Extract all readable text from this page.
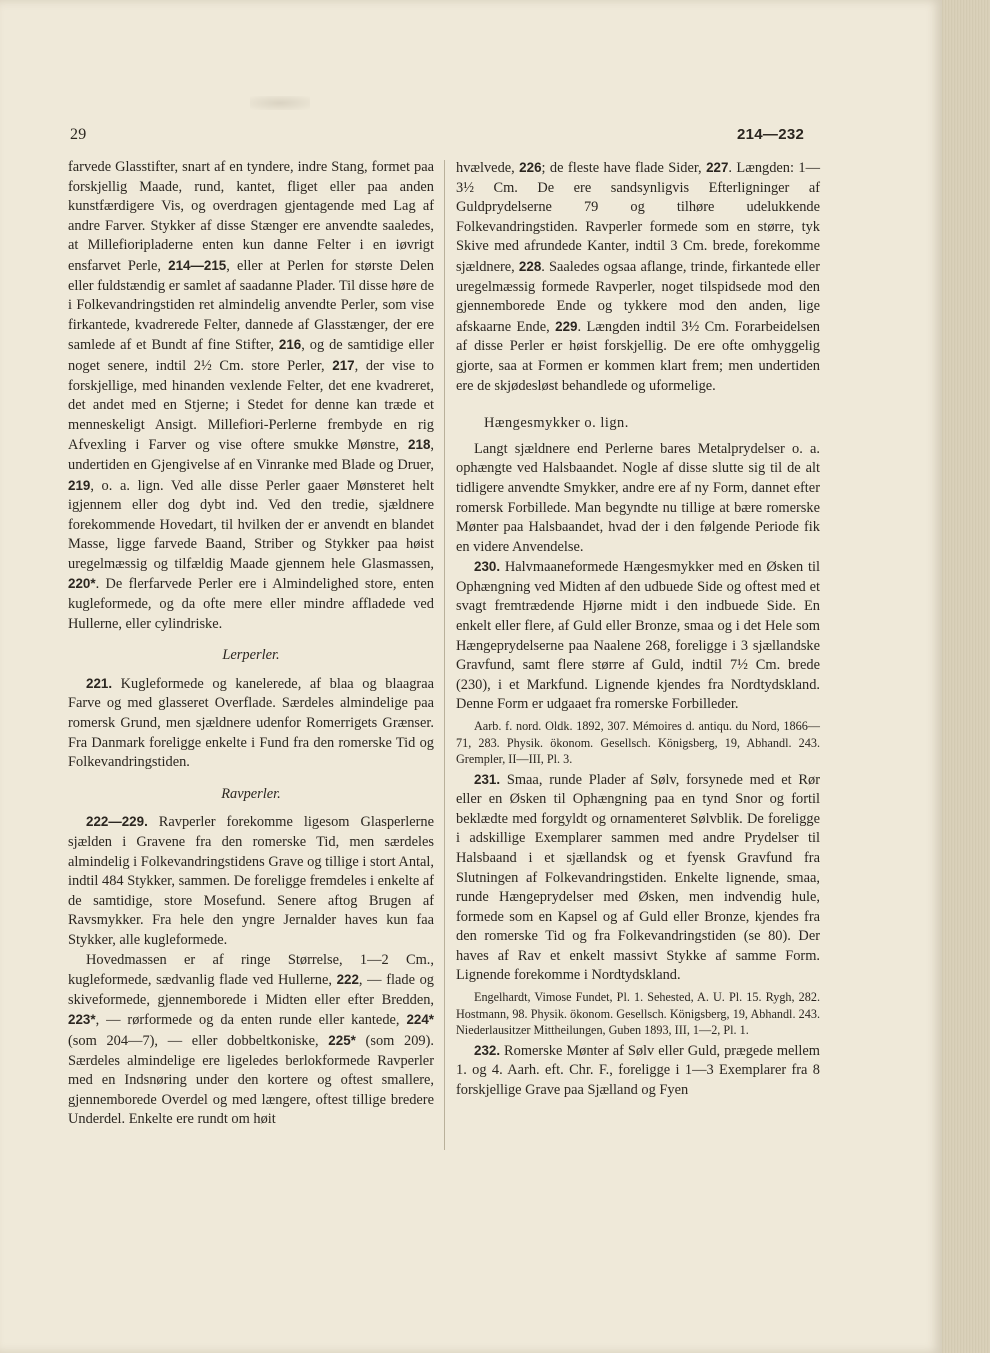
29	214—232

farvede Glasstifter, snart af en tyndere, indre Stang, formet paa forskjellig Maade, rund, kantet, fliget eller paa anden kunstfærdigere Vis, og overdragen gjentagende med Lag af andre Farver. Stykker af disse Stænger ere anvendte saaledes, at Millefioripladerne enten kun danne Felter i en iøvrigt ensfarvet Perle, 214—215, eller at Perlen for største Delen eller fuldstændig er samlet af saadanne Plader. Til disse høre de i Folkevandringstiden ret almindelig anvendte Perler, som vise firkantede, kvadrerede Felter, dannede af Glasstænger, der ere samlede af et Bundt af fine Stifter, 216, og de samtidige eller noget senere, indtil 2½ Cm. store Perler, 217, der vise to forskjellige, med hinanden vexlende Felter, det ene kvadreret, det andet med en Stjerne; i Stedet for denne kan træde et menneskeligt Ansigt. Millefiori-Perlerne frembyde en rig Afvexling i Farver og vise oftere smukke Mønstre, 218, undertiden en Gjengivelse af en Vinranke med Blade og Druer, 219, o. a. lign. Ved alle disse Perler gaaer Mønsteret helt igjennem eller dog dybt ind. Ved den tredie, sjældnere forekommende Hovedart, til hvilken der er anvendt en blandet Masse, ligge farvede Baand, Striber og Stykker paa høist uregelmæssig og tilfældig Maade gjennem hele Glasmassen, 220*. De flerfarvede Perler ere i Almindelighed store, enten kugleformede, og da ofte mere eller mindre affladede ved Hullerne, eller cylindriske.

Lerperler.

221. Kugleformede og kanelerede, af blaa og blaagraa Farve og med glasseret Overflade. Særdeles almindelige paa romersk Grund, men sjældnere udenfor Romerrigets Grænser. Fra Danmark foreligge enkelte i Fund fra den romerske Tid og Folkevandringstiden.

Ravperler.

222—229. Ravperler forekomme ligesom Glasperlerne sjælden i Gravene fra den romerske Tid, men særdeles almindelig i Folkevandringstidens Grave og tillige i stort Antal, indtil 484 Stykker, sammen. De foreligge fremdeles i enkelte af de samtidige, store Mosefund. Senere aftog Brugen af Ravsmykker. Fra hele den yngre Jernalder haves kun faa Stykker, alle kugleformede.

Hovedmassen er af ringe Størrelse, 1—2 Cm., kugleformede, sædvanlig flade ved Hullerne, 222, — flade og skiveformede, gjennemborede i Midten eller efter Bredden, 223*, — rørformede og da enten runde eller kantede, 224* (som 204—7), — eller dobbeltkoniske, 225* (som 209). Særdeles almindelige ere ligeledes berlokformede Ravperler med en Indsnøring under den kortere og oftest smallere, gjennemborede Overdel og med længere, oftest tillige bredere Underdel. Enkelte ere rundt om høit

hvælvede, 226; de fleste have flade Sider, 227. Længden: 1—3½ Cm. De ere sandsynligvis Efterligninger af Guldprydelserne 79 og tilhøre udelukkende Folkevandringstiden. Ravperler formede som en større, tyk Skive med afrundede Kanter, indtil 3 Cm. brede, forekomme sjældnere, 228. Saaledes ogsaa aflange, trinde, firkantede eller uregelmæssig formede Ravperler, noget tilspidsede mod den gjennemborede Ende og tykkere mod den anden, lige afskaarne Ende, 229. Længden indtil 3½ Cm. Forarbeidelsen af disse Perler er høist forskjellig. De ere ofte omhyggelig gjorte, saa at Formen er kommen klart frem; men undertiden ere de skjødesløst behandlede og uformelige.

Hængesmykker o. lign.

Langt sjældnere end Perlerne bares Metalprydelser o. a. ophængte ved Halsbaandet. Nogle af disse slutte sig til de alt tidligere anvendte Smykker, andre ere af ny Form, dannet efter romersk Forbillede. Man begyndte nu tillige at bære romerske Mønter paa Halsbaandet, hvad der i den følgende Periode fik en videre Anvendelse.

230. Halvmaaneformede Hængesmykker med en Øsken til Ophængning ved Midten af den udbuede Side og oftest med et svagt fremtrædende Hjørne midt i den indbuede Side. En enkelt eller flere, af Guld eller Bronze, smaa og i det Hele som Hængeprydelserne paa Naalene 268, foreligge i 3 sjællandske Gravfund, samt flere større af Guld, indtil 7½ Cm. brede (230), i et Markfund. Lignende kjendes fra Nordtydskland. Denne Form er udgaaet fra romerske Forbilleder.

Aarb. f. nord. Oldk. 1892, 307. Mémoires d. antiqu. du Nord, 1866—71, 283. Physik. ökonom. Gesellsch. Königsberg, 19, Abhandl. 243. Grempler, II—III, Pl. 3.

231. Smaa, runde Plader af Sølv, forsynede med et Rør eller en Øsken til Ophængning paa en tynd Snor og fortil beklædte med forgyldt og ornamenteret Sølvblik. De foreligge i adskillige Exemplarer sammen med andre Prydelser til Halsbaand i et sjællandsk og et fyensk Gravfund fra Slutningen af Folkevandringstiden. Enkelte lignende, smaa, runde Hængeprydelser med Øsken, men indvendig hule, formede som en Kapsel og af Guld eller Bronze, kjendes fra den romerske Tid og fra Folkevandringstiden (se 80). Der haves af Rav et enkelt massivt Stykke af samme Form. Lignende forekomme i Nordtydskland.

Engelhardt, Vimose Fundet, Pl. 1. Sehested, A. U. Pl. 15. Rygh, 282. Hostmann, 98. Physik. ökonom. Gesellsch. Königsberg, 19, Abhandl. 243. Niederlausitzer Mittheilungen, Guben 1893, III, 1—2, Pl. 1.

232. Romerske Mønter af Sølv eller Guld, prægede mellem 1. og 4. Aarh. eft. Chr. F., foreligge i 1—3 Exemplarer fra 8 forskjellige Grave paa Sjælland og Fyen
